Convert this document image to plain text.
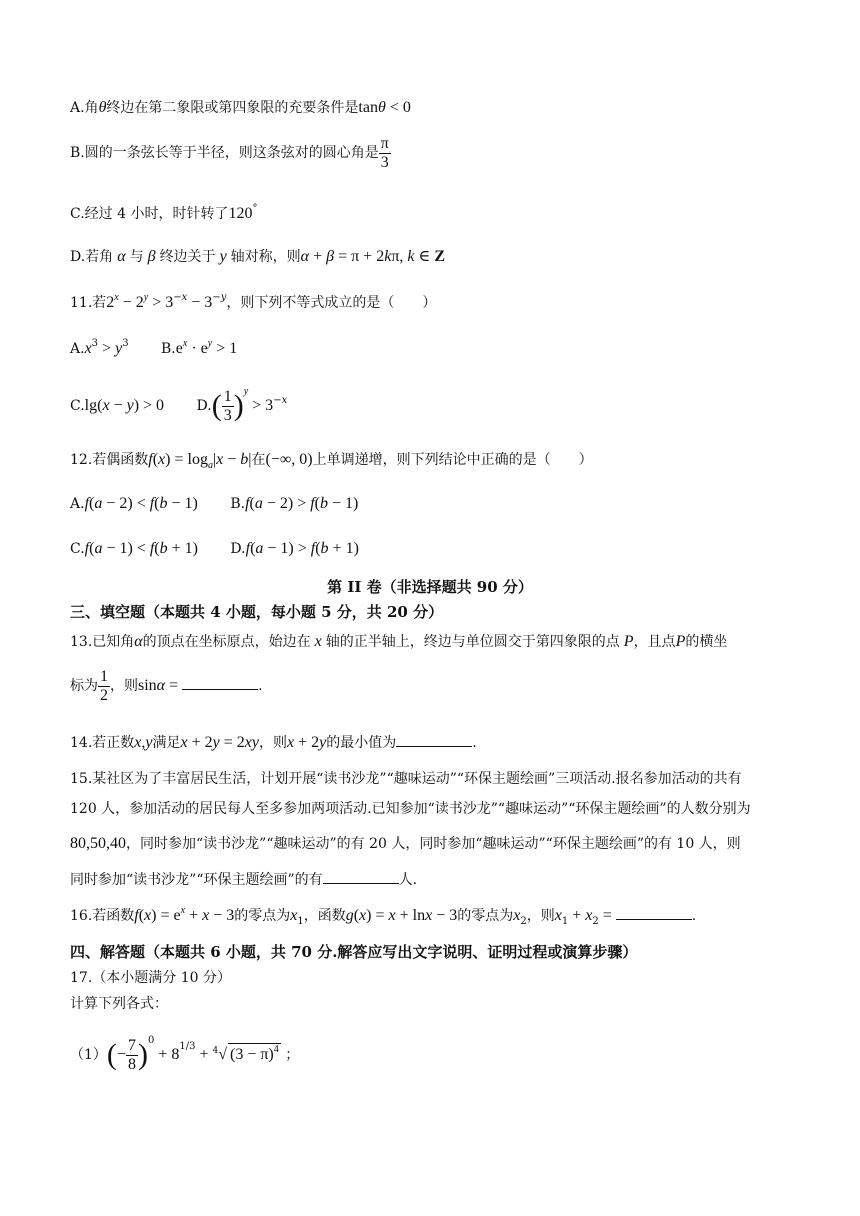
A.角θ终边在第二象限或第四象限的充要条件是tanθ < 0
B.圆的一条弦长等于半径，则这条弦对的圆心角是 $\frac{\pi}{3}$
C.经过 4 小时，时针转了120°
D.若角 α 与 β 终边关于 y 轴对称，则α + β = π + 2kπ, k ∈ Z
11.若$2^x - 2^y > 3^{-x} - 3^{-y}$，则下列不等式成立的是（　　）
$A.x^3 > y^3$ $B.e^x \cdot e^y > 1$
C.lg(x − y) > 0 $D.( \frac{1}{3} )^y > 3^{-x}$
12.若偶函数$f(x) = \log_a|x - b|$在(−∞, 0)上单调递增，则下列结论中正确的是（　　）
A.f(a − 2) < f(b − 1) B.f(a − 2) > f(b − 1)
C.f(a − 1) < f(b + 1) D.f(a − 1) > f(b + 1)
第 II 卷（非选择题共 90 分）
三、填空题（本题共 4 小题，每小题 5 分，共 20 分）
13.已知角α的顶点在坐标原点，始边在 x 轴的正半轴上，终边与单位圆交于第四象限的点 P，且点P的横坐
标为 $\frac{1}{2}$ ，则sinα =	.
14.若正数x,y满足x + 2y = 2xy，则x + 2y的最小值为	.
15.某社区为了丰富居民生活，计划开展“读书沙龙”“趣味运动”“环保主题绘画”三项活动.报名参加活动的共有
120 人，参加活动的居民每人至多参加两项活动.已知参加“读书沙龙”“趣味运动”“环保主题绘画”的人数分别为
80,50,40，同时参加“读书沙龙”“趣味运动”的有 20 人，同时参加“趣味运动”“环保主题绘画”的有 10 人，则
同时参加“读书沙龙”“环保主题绘画”的有	人.
16.若函数$f(x) = e^x + x - 3$的零点为$x_1$，函数g(x) = x + lnx − 3的零点为$x_2$，则$x_1 + x_2$ =	.
四、解答题（本题共 6 小题，共 70 分.解答应写出文字说明、证明过程或演算步骤）
17.（本小题满分 10 分）
计算下列各式：
$(1)(- \frac{7}{8} )^0 + 8^{1/3} + ^4√$ $(3 - \pi)^4$ ；
